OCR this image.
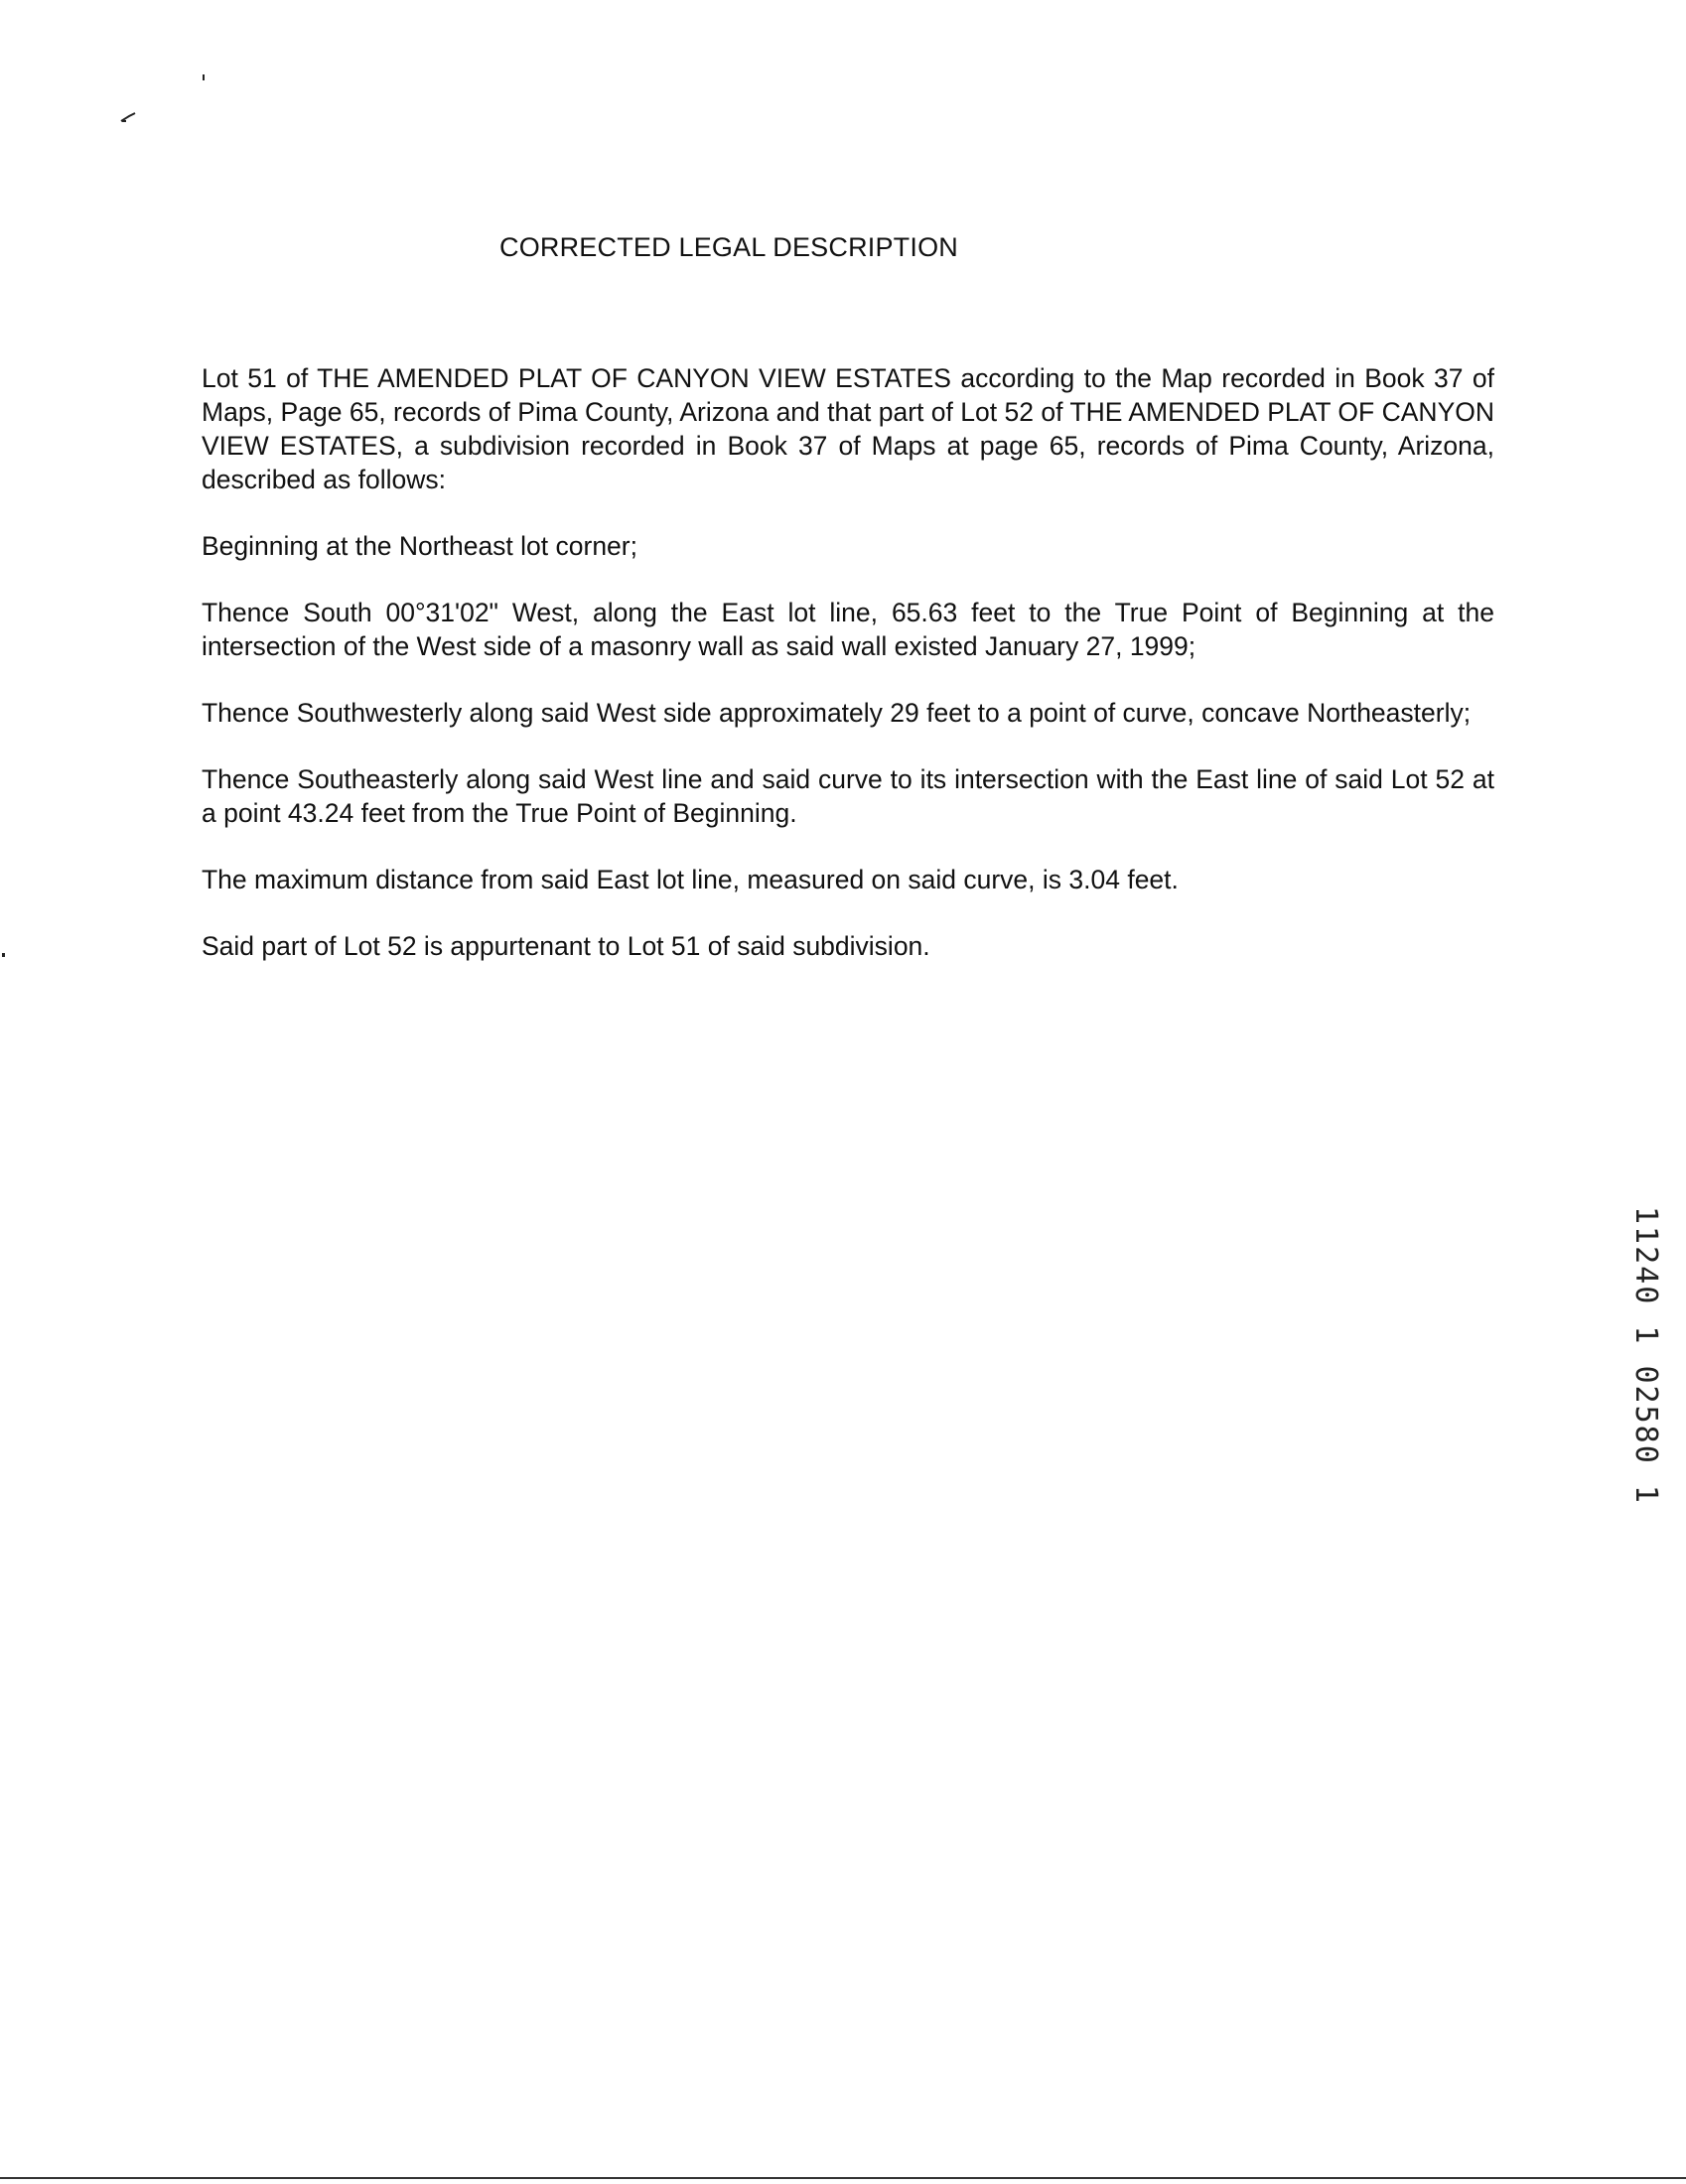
CORRECTED LEGAL DESCRIPTION

Lot 51 of THE AMENDED PLAT OF CANYON VIEW ESTATES according to the Map recorded in Book 37 of Maps, Page 65, records of Pima County, Arizona and that part of Lot 52 of THE AMENDED PLAT OF CANYON VIEW ESTATES, a subdivision recorded in Book 37 of Maps at page 65, records of Pima County, Arizona, described as follows:

Beginning at the Northeast lot corner;

Thence South 00°31'02" West, along the East lot line, 65.63 feet to the True Point of Beginning at the intersection of the West side of a masonry wall as said wall existed January 27, 1999;

Thence Southwesterly along said West side approximately 29 feet to a point of curve, concave Northeasterly;

Thence Southeasterly along said West line and said curve to its intersection with the East line of said Lot 52 at a point 43.24 feet from the True Point of Beginning.

The maximum distance from said East lot line, measured on said curve, is 3.04 feet.

Said part of Lot 52 is appurtenant to Lot 51 of said subdivision.

11240 1 02580 1
